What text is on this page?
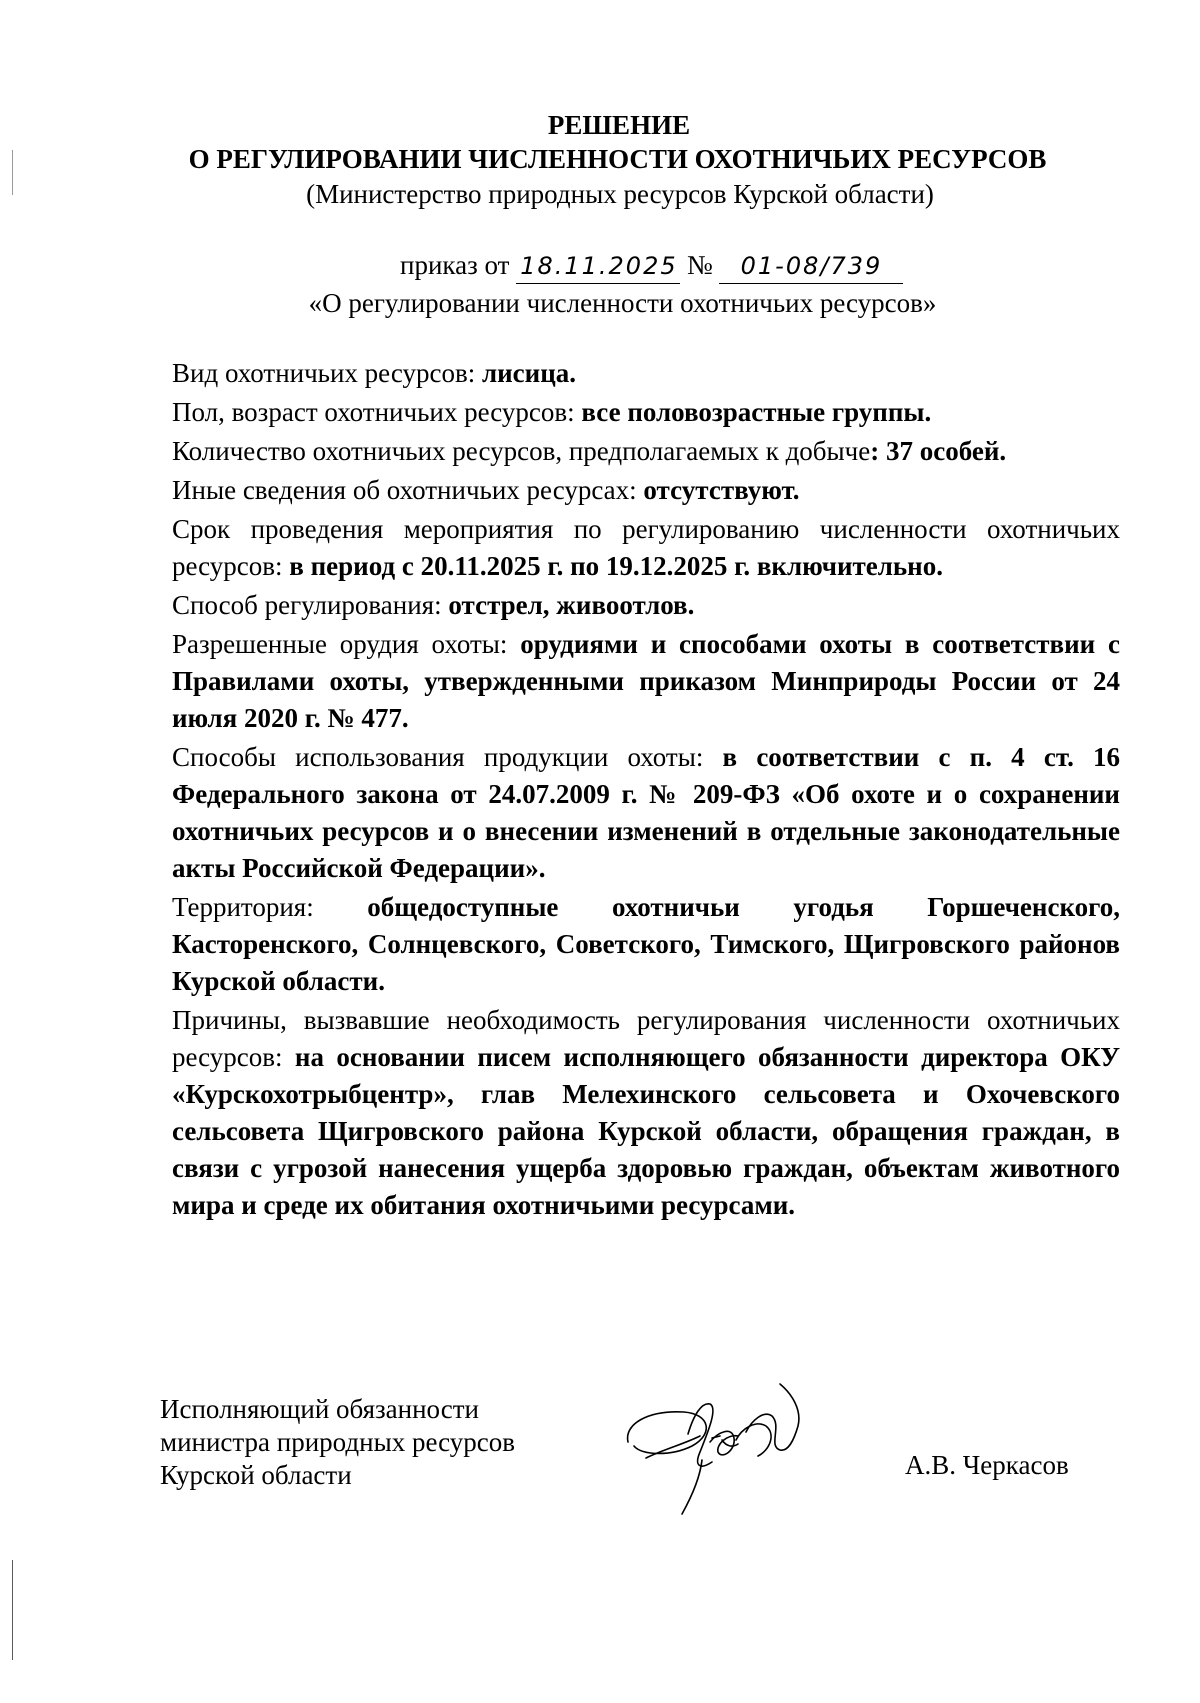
РЕШЕНИЕ
О РЕГУЛИРОВАНИИ ЧИСЛЕННОСТИ ОХОТНИЧЬИХ РЕСУРСОВ
(Министерство природных ресурсов Курской области)
приказ от 18.11.2025 № 01-08/739
«О регулировании численности охотничьих ресурсов»

Вид охотничьих ресурсов: лисица.

Пол, возраст охотничьих ресурсов: все половозрастные группы.

Количество охотничьих ресурсов, предполагаемых к добыче: 37 особей.

Иные сведения об охотничьих ресурсах: отсутствуют.

Срок проведения мероприятия по регулированию численности охотничьих ресурсов: в период с 20.11.2025 г. по 19.12.2025 г. включительно.

Способ регулирования: отстрел, живоотлов.

Разрешенные орудия охоты: орудиями и способами охоты в соответствии с Правилами охоты, утвержденными приказом Минприроды России от 24 июля 2020 г. № 477.

Способы использования продукции охоты: в соответствии с п. 4 ст. 16 Федерального закона от 24.07.2009 г. № 209-ФЗ «Об охоте и о сохранении охотничьих ресурсов и о внесении изменений в отдельные законодательные акты Российской Федерации».

Территория: общедоступные охотничьи угодья Горшеченского, Касторенского, Солнцевского, Советского, Тимского, Щигровского районов Курской области.

Причины, вызвавшие необходимость регулирования численности охотничьих ресурсов: на основании писем исполняющего обязанности директора ОКУ «Курскохотрыбцентр», глав Мелехинского сельсовета и Охочевского сельсовета Щигровского района Курской области, обращения граждан, в связи с угрозой нанесения ущерба здоровью граждан, объектам животного мира и среде их обитания охотничьими ресурсами.

Исполняющий обязанности
министра природных ресурсов
Курской области	А.В. Черкасов
